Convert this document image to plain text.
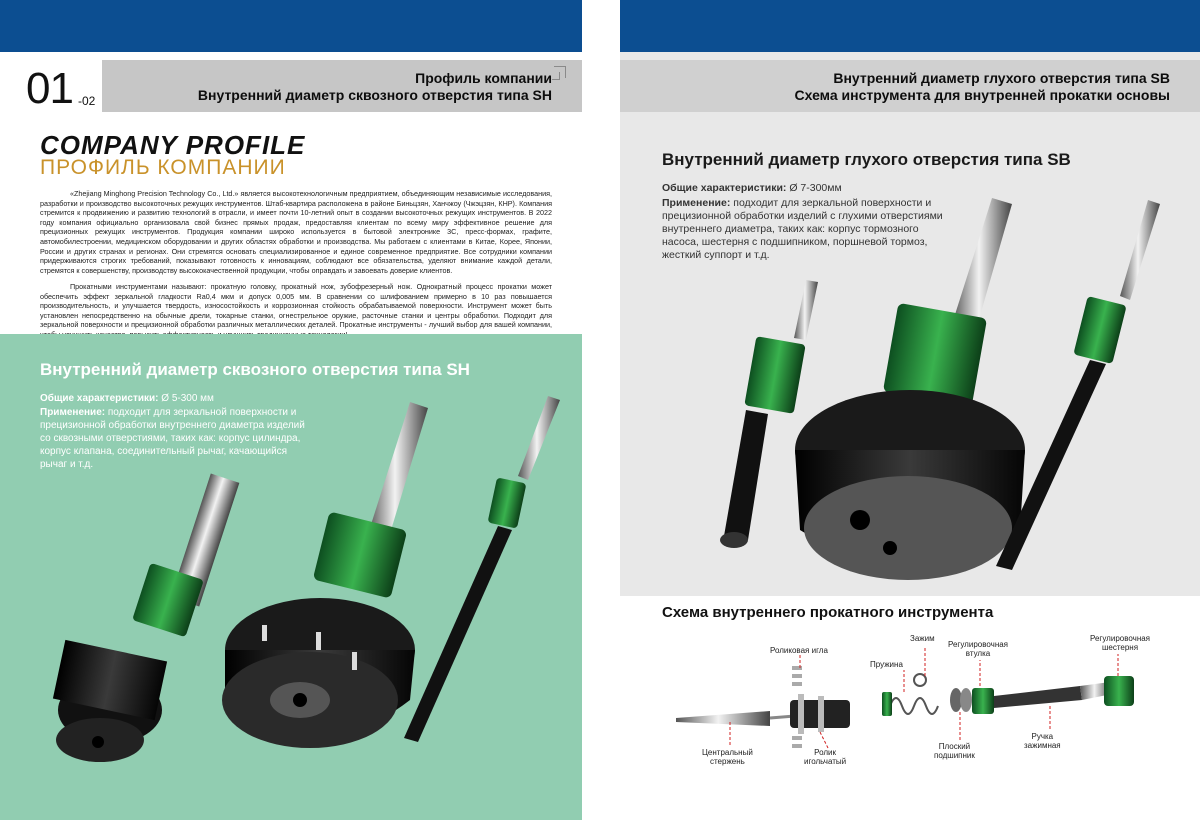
01 -02
Профиль компании
Внутренний диаметр сквозного отверстия типа SH
COMPANY PROFILE
ПРОФИЛЬ КОМПАНИИ
«Zhejiang Minghong Precision Technology Co., Ltd.» является высокотехнологичным предприятием, объединяющим независимые исследования, разработки и производство высокоточных режущих инструментов. Штаб-квартира расположена в районе Биньцзян, Ханчжоу (Чжэцзян, КНР). Компания стремится к продвижению и развитию технологий в отрасли, и имеет почти 10-летний опыт в создании высокоточных режущих инструментов. В 2022 году компания официально организовала свой бизнес прямых продаж, предоставляя клиентам по всему миру эффективное решение для прецизионных режущих инструментов. Продукция компании широко используется в бытовой электронике 3С, пресс-формах, графите, автомобилестроении, медицинском оборудовании и других областях обработки и производства. Мы работаем с клиентами в Китае, Корее, Японии, России и других странах и регионах. Они стремятся основать специализированное и единое современное предприятие. Все сотрудники компании придерживаются строгих требований, показывают готовность к инновациям, соблюдают все обязательства, уделяют внимание каждой детали, стремятся к совершенству, производству высококачественной продукции, чтобы оправдать и завоевать доверие клиентов.
Прокатными инструментами называют: прокатную головку, прокатный нож, зубофрезерный нож. Однократный процесс прокатки может обеспечить эффект зеркальной гладкости Ra0,4 мкм и допуск 0,005 мм. В сравнении со шлифованием примерно в 10 раз повышается производительность, и улучшается твердость, износостойкость и коррозионная стойкость обрабатываемой поверхности. Инструмент может быть установлен непосредственно на обычные дрели, токарные станки, огнестрельное оружие, расточные станки и центры обработки. Подходит для зеркальной поверхности и прецизионной обработки различных металлических деталей. Прокатные инструменты - лучший выбор для вашей компании,
Внутренний диаметр сквозного отверстия типа SH
Общие характеристики: Ø 5-300 мм
Применение: подходит для зеркальной поверхности и прецизионной обработки внутреннего диаметра изделий со сквозными отверстиями, таких как: корпус цилиндра, корпус клапана, соединительный рычаг, качающийся рычаг и т.д.
Внутренний диаметр глухого отверстия типа SB
Схема инструмента для внутренней прокатки основы
Внутренний диаметр глухого отверстия типа SB
Общие характеристики: Ø 7-300мм
Применение: подходит для зеркальной поверхности и прецизионной обработки изделий с глухими отверстиями внутреннего диаметра, таких как: корпус тормозного насоса, шестерня с подшипником, поршневой тормоз, жесткий суппорт и т.д.
Схема внутреннего прокатного инструмента
Роликовая игла
Зажим
Пружина
Регулировочная
втулка
Регулировочная
шестерня
Центральный
стержень
Ролик
игольчатый
Плоский
подшипник
Ручка
зажимная
